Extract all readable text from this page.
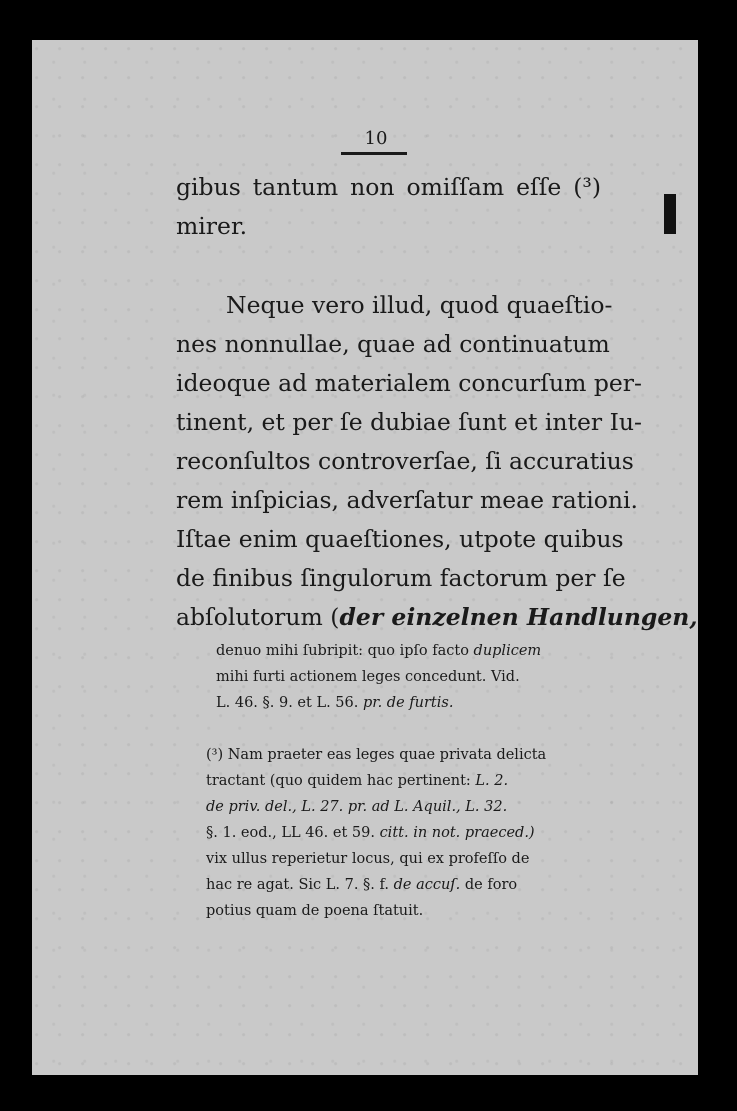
10
gibus tantum non omiſſam eſſe (³)
mirer.
Neque vero illud, quod quaeſtio-
nes nonnullae, quae ad continuatum
ideoque ad materialem concurſum per-
tinent, et per ſe dubiae ſunt et inter Iu-
reconſultos controverſae, ſi accuratius
rem inſpicias, adverſatur meae rationi.
Iſtae enim quaeſtiones, utpote quibus
de finibus ſingulorum factorum per ſe
abſolutorum (der einzelnen Handlungen,
denuo mihi ſubripit: quo ipſo facto duplicem
mihi furti actionem leges concedunt. Vid.
L. 46. §. 9. et L. 56. pr. de furtis.
(³) Nam praeter eas leges quae privata delicta
tractant (quo quidem hac pertinent: L. 2.
de priv. del., L. 27. pr. ad L. Aquil., L. 32.
§. 1. eod., LL 46. et 59. citt. in not. praeced.)
vix ullus reperietur locus, qui ex profeſſo de
hac re agat. Sic L. 7. §. f. de accuſ. de foro
potius quam de poena ſtatuit.
